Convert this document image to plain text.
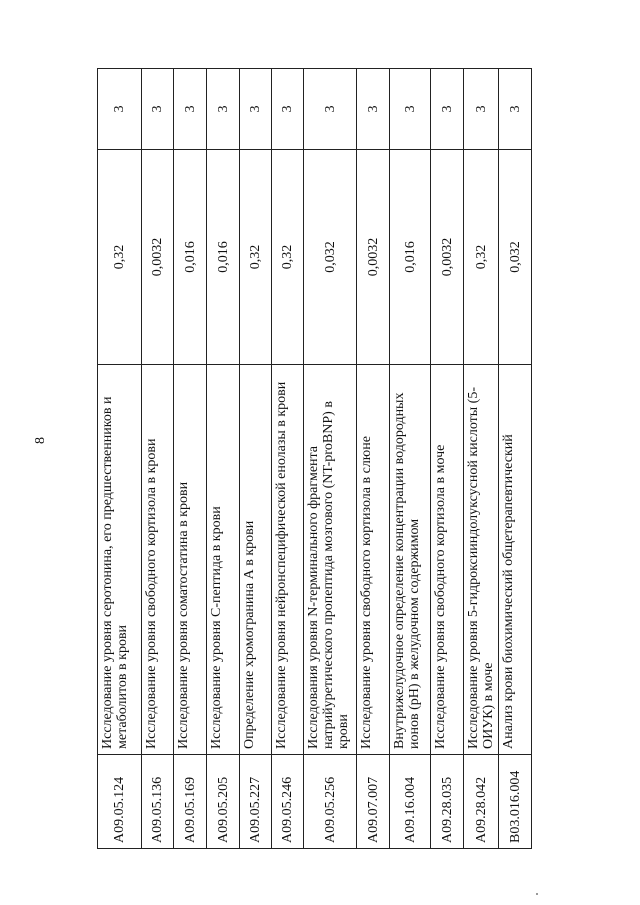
8
A09.05.124	Исследование уровня серотонина, его предшественников и метаболитов в крови	0,32	3
A09.05.136	Исследование уровня свободного кортизола в крови	0,0032	3
A09.05.169	Исследование уровня соматостатина в крови	0,016	3
A09.05.205	Исследование уровня С-пептида в крови	0,016	3
A09.05.227	Определение хромогранина А в крови	0,32	3
A09.05.246	Исследование уровня нейронспецифической енолазы в крови	0,32	3
A09.05.256	Исследования уровня N-терминального фрагмента натрийуретического пропептида мозгового (NT-proBNP) в крови	0,032	3
A09.07.007	Исследование уровня свободного кортизола в слюне	0,0032	3
A09.16.004	Внутрижелудочное определение концентрации водородных ионов (pH) в желудочном содержимом	0,016	3
A09.28.035	Исследование уровня свободного кортизола в моче	0,0032	3
A09.28.042	Исследование уровня 5-гидроксииндолуксусной кислоты (5-ОИУК) в моче	0,32	3
B03.016.004	Анализ крови биохимический общетерапевтический	0,032	3
